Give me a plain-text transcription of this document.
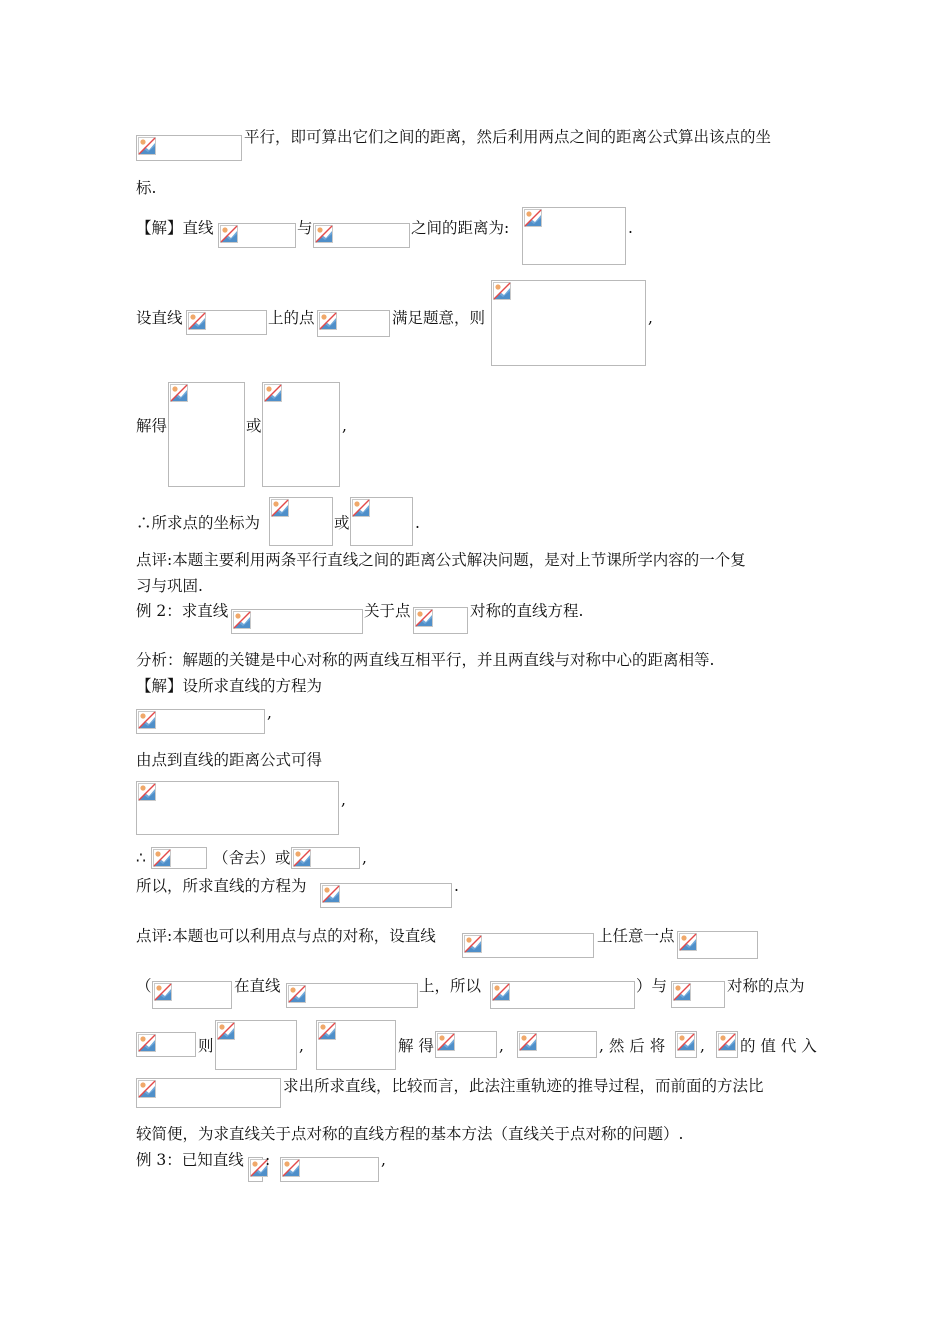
平行，即可算出它们之间的距离，然后利用两点之间的距离公式算出该点的坐
标.
【解】直线	与	之间的距离为:	.
设直线	上的点	满足题意，则	,
解得	或	,
∴所求点的坐标为	或	.
点评:本题主要利用两条平行直线之间的距离公式解决问题，是对上节课所学内容的一个复
习与巩固.
例 2：求直线	关于点	对称的直线方程.
分析：解题的关键是中心对称的两直线互相平行，并且两直线与对称中心的距离相等.
【解】设所求直线的方程为
,
由点到直线的距离公式可得
,
∴	（舍去）或	,
所以，所求直线的方程为	.
点评:本题也可以利用点与点的对称，设直线	上任意一点
（	在直线	上，所以	）与	对称的点为
则	,	解 得	,	, 然 后 将 , 的 值 代 入
求出所求直线，比较而言，此法注重轨迹的推导过程，而前面的方法比
较简便，为求直线关于点对称的直线方程的基本方法（直线关于点对称的问题）.
例 3：已知直线 :	,
